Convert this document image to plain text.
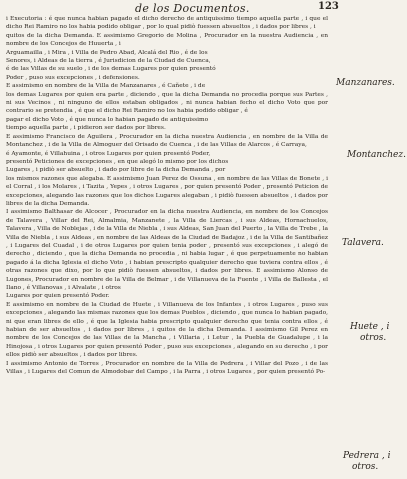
de los Documentos.	123
i Executoria : é que nunca habian pagado el dicho derecho de antiquissimo tiempo aquella parte , i que el dicho Rei Ramiro no los habia podido obligar , por lo qual pidiò fuessen absueltos , i dados por libres , i
quitos de la dicha Demanda. E assimismo Gregorio de Molina , Procurador en la nuestra Audiencia , en nombre de los Concejos de Huuerta , i
Arguamailla , i Mira , i Villa de Pedro Abad, Alcalá del Rio , é de los
Senores, i Aldeas de la tierra , é Jurisdicion de la Ciudad de Cuenca,
é de las Villas de su suelo , i de los demas Lugares por quien presentó
Poder , puso sus excepciones , i defensiones.
E assimismo en nombre de la Villa de Manzanares , é Cañete , i de
los demas Lugares por quien era parte , diciendo , que la dicha Demanda no procedia porque sus Partes , ni sus Vecinos , ni ninguno de ellos estaban obligados , ni nunca habian fecho el dicho Voto que por contrario se pretendia , é que el dicho Rei Ramiro no los habia podido obligar , é
pagar el dicho Voto , é que nunca lo habian pagado de antiquissimo
tiempo aquella parte , i pidieron ser dados por libres.
E assimismo Francisco de Aguilera , Procurador en la dicha nuestra Audiencia , en nombre de la Villa de Montanchez , i de la Villa de Almoguer del Orisado de Cuenca , i de las Villas de Alarcos , é Carraya,
é Ayamonte, é Villahuina , i otros Lugares por quien presentó Poder,
presentó Peticiones de excepciones , en que alegó lo mismo por los dichos
Lugares , i pidiò ser absuelto , i dado por libre de la dicha Demanda , por
los mismos razones que alegaba. E assimismo Juan Perez de Ossuna , en nombre de las Villas de Bonete , i el Corral , i los Molares , i Tazita , Yepes , i otros Lugares , por quien presentó Poder , presentó Peticion de excepciones, alegando las razones que los dichos Lugares alegaban , i pidiò fuessen absueltos , i dados por libres de la dicha Demanda.
I assimismo Balthasar de Alcocer , Procurador en la dicha nuestra Audiencia, en nombre de los Concejos de Talavera , Villar del Rei, Almalmia, Manzanete , la Villa de Liercas , i sus Aldeas, Hornachuelos, Talavera , Villa de Noblejas , i de la Villa de Niebla , i sus Aldeas, San Juan del Puerto , la Villa de Trebe , la Villa de Niebla , i sus Aldeas , en nombre de las Aldeas de la Ciudad de Badajoz , i de la Villa de Santibañez , i Lugares del Cuadal , i de otros Lugares por quien tenia poder , presentó sus excepciones , i alegó de derecho , diciendo , que la dicha Demanda no procedia , ni habia lugar , é que perpetuamente no habian pagado á la dicha Iglesia el dicho Voto , i habian prescripto qualquier derecho que tuviera contra ellos , é otras razones que dixo, por lo que pidiò fuessen absueltos, i dados por libres. E assimismo Alonso de Lugones, Procurador en nombre de la Villa de Belmar , i de Villanueva de la Fuente , i Villa de Ballesta , el Ilano , é Villanovas , i Alvalate , i otros
Lugares por quien presentó Poder.
E assimismo en nombre de la Ciudad de Huete , i Villanueva de los Infantes , i otros Lugares , puso sus excepciones , alegando las mismas razones que los demas Pueblos , diciendo , que nunca lo habian pagado, ni que eran libres de ello , é que la Iglesia habia prescripto qualquier derecho que tenia contra ellos , é habian de ser absueltos , i dados por libres , i quitos de la dicha Demanda. I assimismo Gil Perez en nombre de los Concejos de las Villas de la Mancha , i Villaria , i Letur , la Puebla de Guadalupe , i la Hinojosa , i otros Lugares por quien presentó Poder , puso sus excepciones , alegando en su derecho , i por ellos pidiò ser absueltos , i dados por libres.
I assimismo Antonio de Torres , Procurador en nombre de la Villa de Pedrera , i Villar del Pozo , i de las Villas , i Lugares del Comun de Almodobar del Campo , i la Parra , i otros Lugares , por quien presentó Po-
Manzanares.
Montanchez.
Talavera.
Huete , i
otros.
Pedrera , i
otros.
